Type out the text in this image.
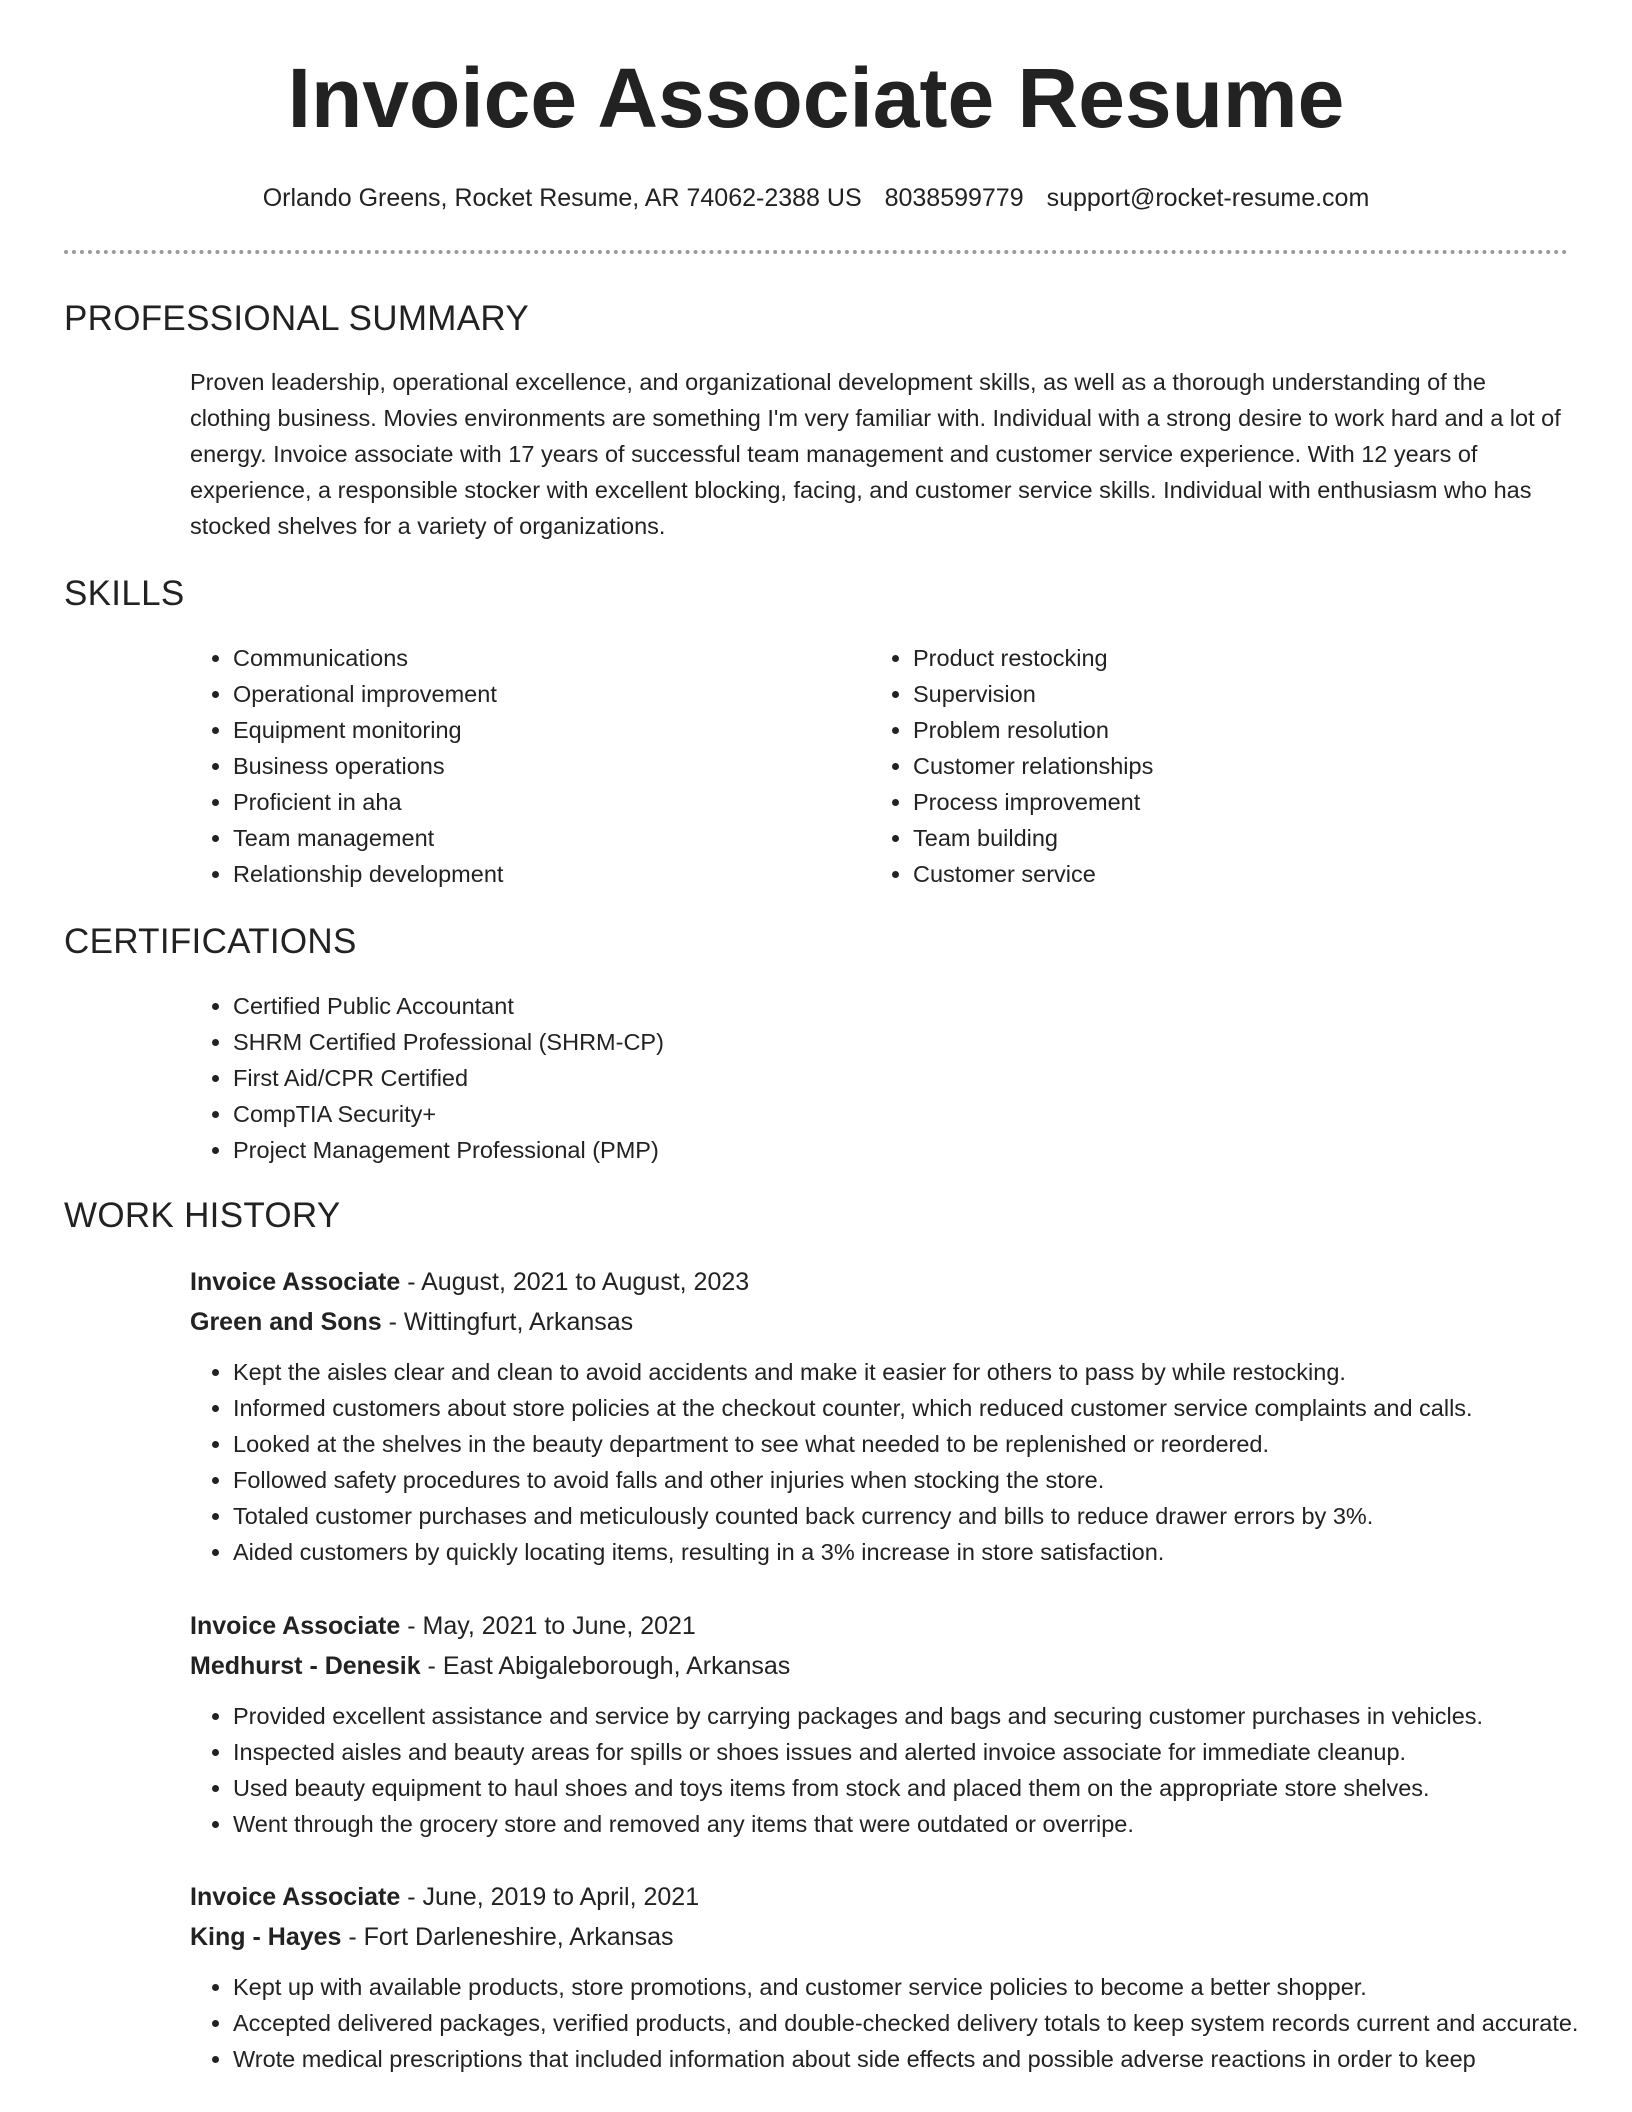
Invoice Associate Resume
Orlando Greens, Rocket Resume, AR 74062-2388 US 8038599779 support@rocket-resume.com
PROFESSIONAL SUMMARY

Proven leadership, operational excellence, and organizational development skills, as well as a thorough understanding of the clothing business. Movies environments are something I'm very familiar with. Individual with a strong desire to work hard and a lot of energy. Invoice associate with 17 years of successful team management and customer service experience. With 12 years of experience, a responsible stocker with excellent blocking, facing, and customer service skills. Individual with enthusiasm who has stocked shelves for a variety of organizations.

SKILLS
• Communications
• Operational improvement
• Equipment monitoring
• Business operations
• Proficient in aha
• Team management
• Relationship development
• Product restocking
• Supervision
• Problem resolution
• Customer relationships
• Process improvement
• Team building
• Customer service
CERTIFICATIONS
• Certified Public Accountant
• SHRM Certified Professional (SHRM-CP)
• First Aid/CPR Certified
• CompTIA Security+
• Project Management Professional (PMP)
WORK HISTORY
Invoice Associate - August, 2021 to August, 2023
Green and Sons - Wittingfurt, Arkansas
• Kept the aisles clear and clean to avoid accidents and make it easier for others to pass by while restocking.
• Informed customers about store policies at the checkout counter, which reduced customer service complaints and calls.
• Looked at the shelves in the beauty department to see what needed to be replenished or reordered.
• Followed safety procedures to avoid falls and other injuries when stocking the store.
• Totaled customer purchases and meticulously counted back currency and bills to reduce drawer errors by 3%.
• Aided customers by quickly locating items, resulting in a 3% increase in store satisfaction.
Invoice Associate - May, 2021 to June, 2021
Medhurst - Denesik - East Abigaleborough, Arkansas
• Provided excellent assistance and service by carrying packages and bags and securing customer purchases in vehicles.
• Inspected aisles and beauty areas for spills or shoes issues and alerted invoice associate for immediate cleanup.
• Used beauty equipment to haul shoes and toys items from stock and placed them on the appropriate store shelves.
• Went through the grocery store and removed any items that were outdated or overripe.
Invoice Associate - June, 2019 to April, 2021
King - Hayes - Fort Darleneshire, Arkansas
• Kept up with available products, store promotions, and customer service policies to become a better shopper.
• Accepted delivered packages, verified products, and double-checked delivery totals to keep system records current and accurate.
• Wrote medical prescriptions that included information about side effects and possible adverse reactions in order to keep
